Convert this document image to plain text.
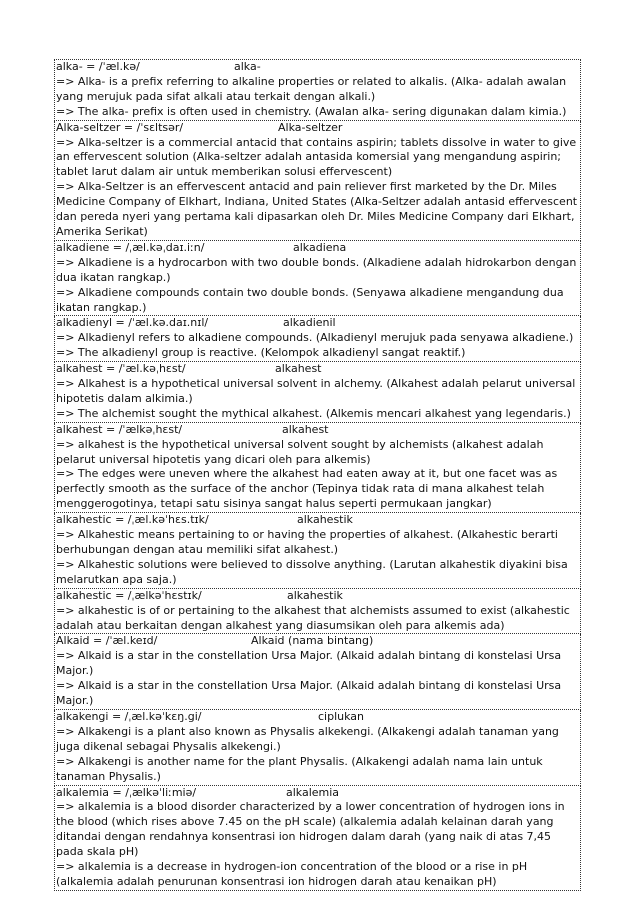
alka- = /ˈæl.kə/	alka-
=> Alka- is a prefix referring to alkaline properties or related to alkalis. (Alka- adalah awalan yang merujuk pada sifat alkali atau terkait dengan alkali.)
=> The alka- prefix is often used in chemistry. (Awalan alka- sering digunakan dalam kimia.)
Alka-seltzer = /ˈsɛltsər/	Alka-seltzer
=> Alka-seltzer is a commercial antacid that contains aspirin; tablets dissolve in water to give an effervescent solution (Alka-seltzer adalah antasida komersial yang mengandung aspirin; tablet larut dalam air untuk memberikan solusi effervescent)
=> Alka-Seltzer is an effervescent antacid and pain reliever first marketed by the Dr. Miles Medicine Company of Elkhart, Indiana, United States (Alka-Seltzer adalah antasid effervescent dan pereda nyeri yang pertama kali dipasarkan oleh Dr. Miles Medicine Company dari Elkhart, Amerika Serikat)
alkadiene = /ˌæl.kəˌdaɪ.iːn/	alkadiena
=> Alkadiene is a hydrocarbon with two double bonds. (Alkadiene adalah hidrokarbon dengan dua ikatan rangkap.)
=> Alkadiene compounds contain two double bonds. (Senyawa alkadiene mengandung dua ikatan rangkap.)
alkadienyl = /ˈæl.kə.daɪ.nɪl/	alkadienil
=> Alkadienyl refers to alkadiene compounds. (Alkadienyl merujuk pada senyawa alkadiene.)
=> The alkadienyl group is reactive. (Kelompok alkadienyl sangat reaktif.)
alkahest = /ˈæl.kəˌhɛst/	alkahest
=> Alkahest is a hypothetical universal solvent in alchemy. (Alkahest adalah pelarut universal hipotetis dalam alkimia.)
=> The alchemist sought the mythical alkahest. (Alkemis mencari alkahest yang legendaris.)
alkahest = /ˈælkəˌhɛst/	alkahest
=> alkahest is the hypothetical universal solvent sought by alchemists (alkahest adalah pelarut universal hipotetis yang dicari oleh para alkemis)
=> The edges were uneven where the alkahest had eaten away at it, but one facet was as perfectly smooth as the surface of the anchor (Tepinya tidak rata di mana alkahest telah menggerogotinya, tetapi satu sisinya sangat halus seperti permukaan jangkar)
alkahestic = /ˌæl.kəˈhɛs.tɪk/	alkahestik
=> Alkahestic means pertaining to or having the properties of alkahest. (Alkahestic berarti berhubungan dengan atau memiliki sifat alkahest.)
=> Alkahestic solutions were believed to dissolve anything. (Larutan alkahestik diyakini bisa melarutkan apa saja.)
alkahestic = /ˌælkəˈhɛstɪk/	alkahestik
=> alkahestic is of or pertaining to the alkahest that alchemists assumed to exist (alkahestic adalah atau berkaitan dengan alkahest yang diasumsikan oleh para alkemis ada)
Alkaid = /ˈæl.keɪd/	Alkaid (nama bintang)
=> Alkaid is a star in the constellation Ursa Major. (Alkaid adalah bintang di konstelasi Ursa Major.)
=> Alkaid is a star in the constellation Ursa Major. (Alkaid adalah bintang di konstelasi Ursa Major.)
alkakengi = /ˌæl.kəˈkɛŋ.gi/	ciplukan
=> Alkakengi is a plant also known as Physalis alkekengi. (Alkakengi adalah tanaman yang juga dikenal sebagai Physalis alkekengi.)
=> Alkakengi is another name for the plant Physalis. (Alkakengi adalah nama lain untuk tanaman Physalis.)
alkalemia = /ˌælkəˈliːmiə/	alkalemia
=> alkalemia is a blood disorder characterized by a lower concentration of hydrogen ions in the blood (which rises above 7.45 on the pH scale) (alkalemia adalah kelainan darah yang ditandai dengan rendahnya konsentrasi ion hidrogen dalam darah (yang naik di atas 7,45 pada skala pH)
=> alkalemia is a decrease in hydrogen-ion concentration of the blood or a rise in pH (alkalemia adalah penurunan konsentrasi ion hidrogen darah atau kenaikan pH)
